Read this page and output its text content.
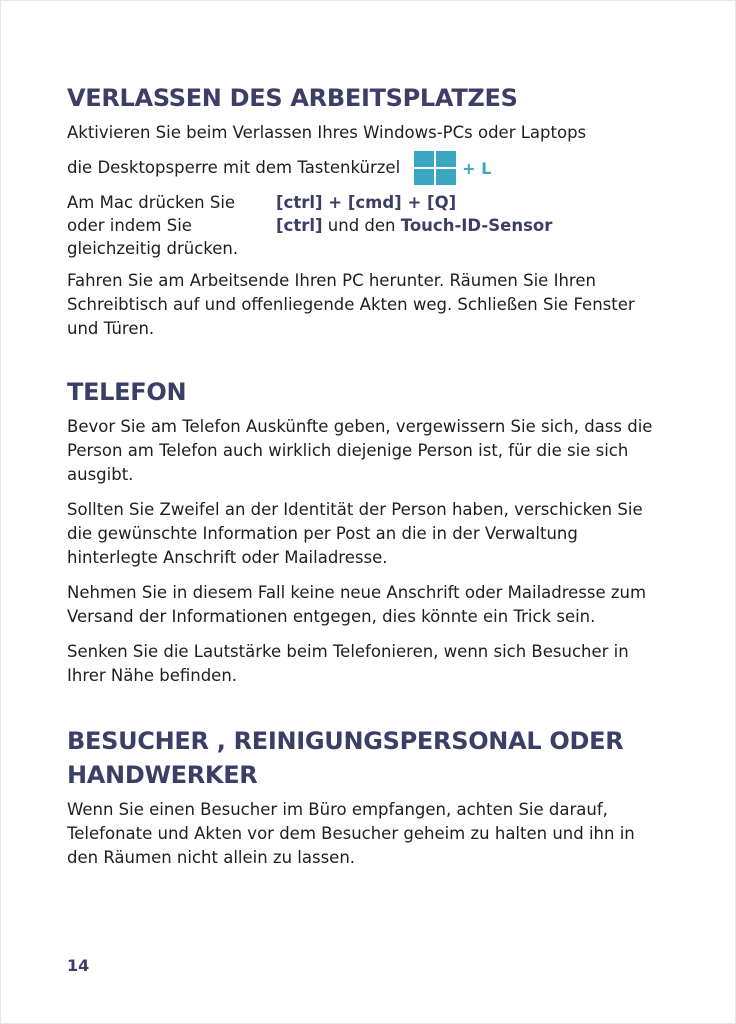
VERLASSEN DES ARBEITSPLATZES

Aktivieren Sie beim Verlassen Ihres Windows-PCs oder Laptops

die Desktopsperre mit dem Tastenkürzel	+ L

Am Mac drücken Sie	[ctrl] + [cmd] + [Q]

oder indem Sie	[ctrl] und den Touch-ID-Sensor

gleichzeitig drücken.

Fahren Sie am Arbeitsende Ihren PC herunter. Räumen Sie Ihren Schreibtisch auf und offenliegende Akten weg. Schließen Sie Fenster und Türen.

TELEFON

Bevor Sie am Telefon Auskünfte geben, vergewissern Sie sich, dass die Person am Telefon auch wirklich diejenige Person ist, für die sie sich ausgibt.

Sollten Sie Zweifel an der Identität der Person haben, verschicken Sie die gewünschte Information per Post an die in der Verwaltung hinterlegte Anschrift oder Mailadresse.

Nehmen Sie in diesem Fall keine neue Anschrift oder Mailadresse zum Versand der Informationen entgegen, dies könnte ein Trick sein.

Senken Sie die Lautstärke beim Telefonieren, wenn sich Besucher in Ihrer Nähe befinden.

BESUCHER , REINIGUNGSPERSONAL ODER HANDWERKER

Wenn Sie einen Besucher im Büro empfangen, achten Sie darauf, Telefonate und Akten vor dem Besucher geheim zu halten und ihn in den Räumen nicht allein zu lassen.

14
